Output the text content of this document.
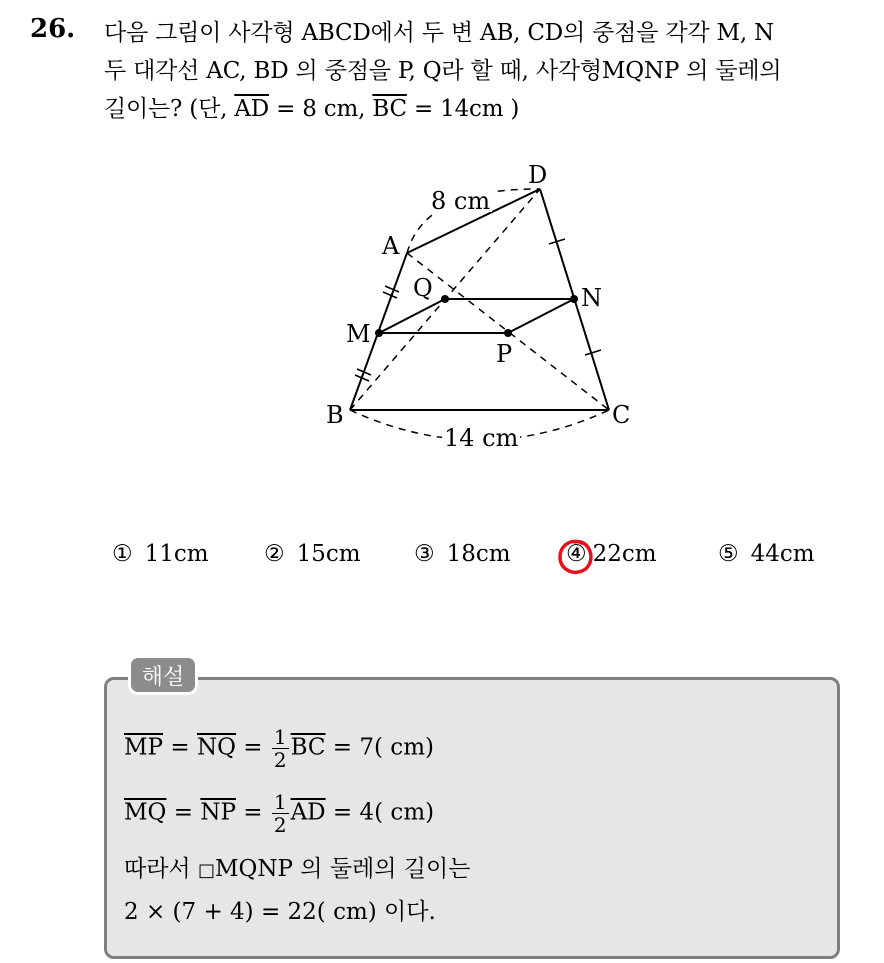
26. 다음 그림이 사각형 ABCD에서 두 변 AB, CD의 중점을 각각 M, N
두 대각선 AC, BD 의 중점을 P, Q라 할 때, 사각형MQNP 의 둘레의
길이는? (단, $\overline{AD} = 8$ cm, $\overline{BC} = 14cm$ )
A
D
B	C
M
N
P
Q
8 cm
14 cm
① 11cm ② 15cm ③ 18cm ④ 22cm	⑤ 44cm
해설
$\overline{MP} = \overline{NQ} = \frac{1}{2} \overline{BC} = 7$( cm)
$\overline{MQ} = \overline{NP} = \frac{1}{2} \overline{AD} = 4$( cm)
따라서 □MQNP 의 둘레의 길이는
2 × (7 + 4) = 22( cm) 이다.
